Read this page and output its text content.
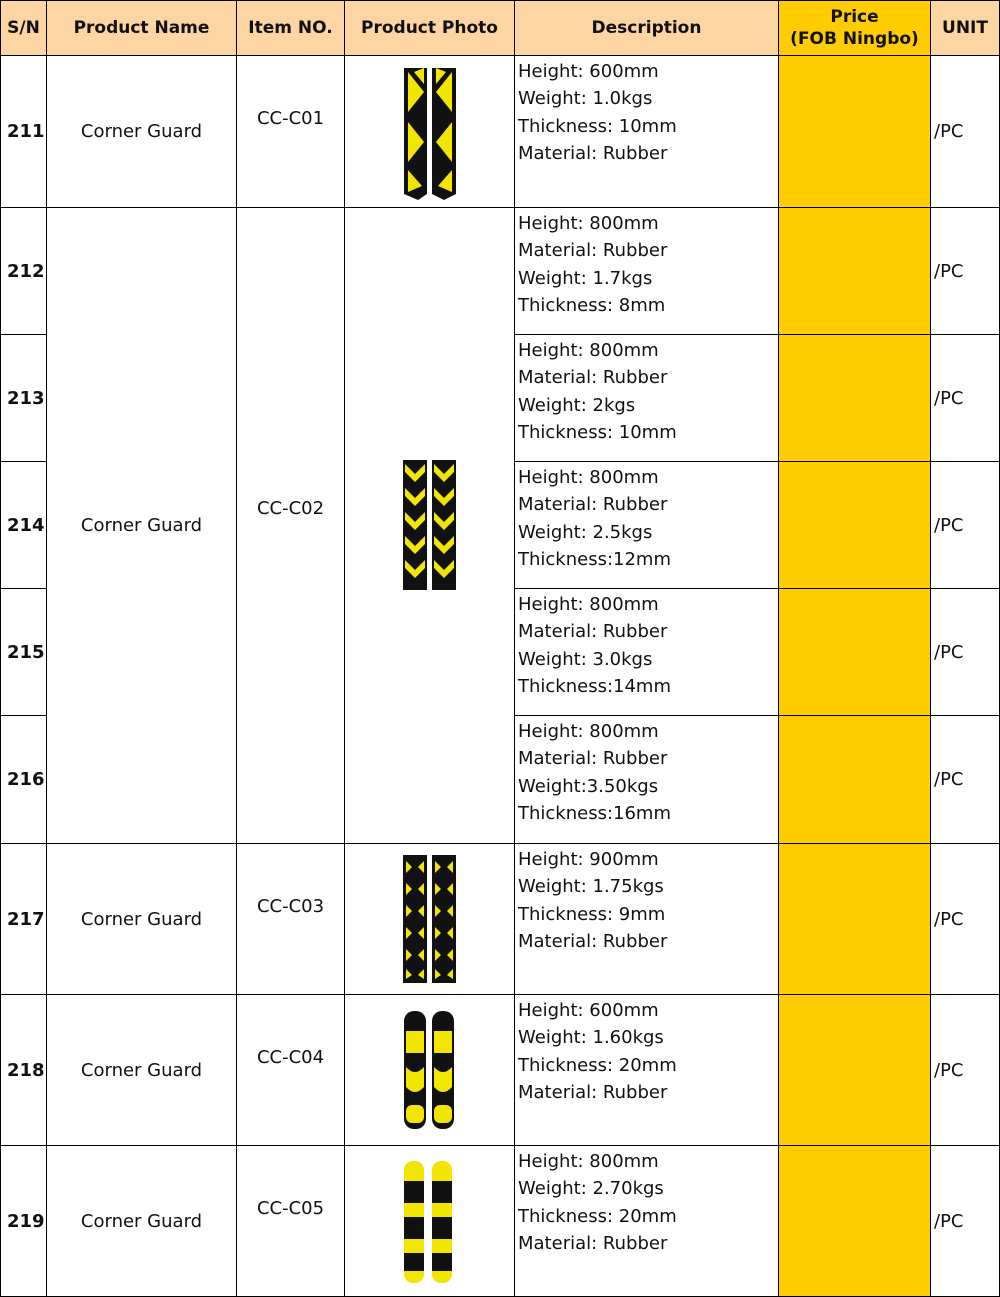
S/N Product Name Item NO. Product Photo	Description
Price
(FOB Ningbo)
UNIT
Corner Guard
CC-C01
Corner Guard
CC-C02
Corner Guard
CC-C03
Corner Guard
CC-C04
Corner Guard
CC-C05
211
Height: 600mm
Weight: 1.0kgs
Thickness: 10mm
Material: Rubber
/PC
212
Height: 800mm
Material: Rubber
Weight: 1.7kgs
Thickness: 8mm
/PC
213
Height: 800mm
Material: Rubber
Weight: 2kgs
Thickness: 10mm
/PC
214
Height: 800mm
Material: Rubber
Weight: 2.5kgs
Thickness:12mm
/PC
215
Height: 800mm
Material: Rubber
Weight: 3.0kgs
Thickness:14mm
/PC
216
Height: 800mm
Material: Rubber
Weight:3.50kgs
Thickness:16mm
/PC
217
Height: 900mm
Weight: 1.75kgs
Thickness: 9mm
Material: Rubber
/PC
218
Height: 600mm
Weight: 1.60kgs
Thickness: 20mm
Material: Rubber
/PC
219
Height: 800mm
Weight: 2.70kgs
Thickness: 20mm
Material: Rubber
/PC
